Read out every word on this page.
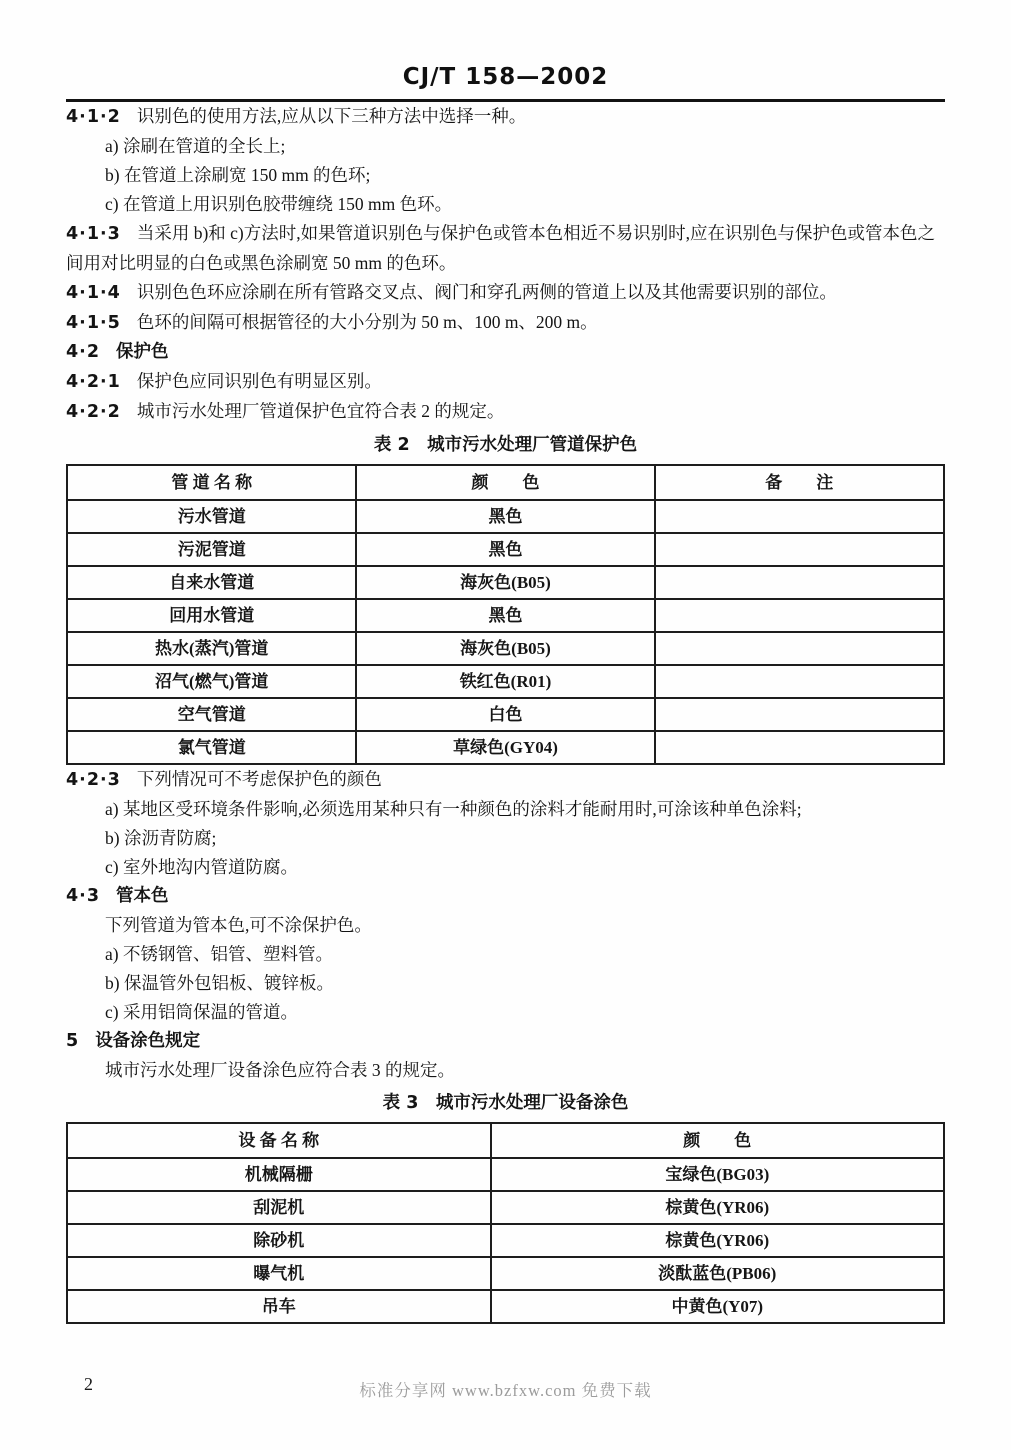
CJ/T 158—2002

4·1·2 识别色的使用方法,应从以下三种方法中选择一种。

a) 涂刷在管道的全长上;

b) 在管道上涂刷宽 150 mm 的色环;

c) 在管道上用识别色胶带缠绕 150 mm 色环。

4·1·3 当采用 b)和 c)方法时,如果管道识别色与保护色或管本色相近不易识别时,应在识别色与保护色或管本色之间用对比明显的白色或黑色涂刷宽 50 mm 的色环。

4·1·4 识别色色环应涂刷在所有管路交叉点、阀门和穿孔两侧的管道上以及其他需要识别的部位。

4·1·5 色环的间隔可根据管径的大小分别为 50 m、100 m、200 m。

4·2 保护色

4·2·1 保护色应同识别色有明显区别。

4·2·2 城市污水处理厂管道保护色宜符合表 2 的规定。

表 2　城市污水处理厂管道保护色
管 道 名 称	颜　　色	备　　注
污水管道	黑色	
污泥管道	黑色	
自来水管道	海灰色(B05)	
回用水管道	黑色	
热水(蒸汽)管道	海灰色(B05)	
沼气(燃气)管道	铁红色(R01)	
空气管道	白色	
氯气管道	草绿色(GY04)	

4·2·3 下列情况可不考虑保护色的颜色

a) 某地区受环境条件影响,必须选用某种只有一种颜色的涂料才能耐用时,可涂该种单色涂料;

b) 涂沥青防腐;

c) 室外地沟内管道防腐。

4·3 管本色

下列管道为管本色,可不涂保护色。

a) 不锈钢管、铝管、塑料管。

b) 保温管外包铝板、镀锌板。

c) 采用铝筒保温的管道。

5 设备涂色规定

城市污水处理厂设备涂色应符合表 3 的规定。

表 3　城市污水处理厂设备涂色
设 备 名 称	颜　　色
机械隔栅	宝绿色(BG03)
刮泥机	棕黄色(YR06)
除砂机	棕黄色(YR06)
曝气机	淡酞蓝色(PB06)
吊车	中黄色(Y07)
2	标准分享网 www.bzfxw.com 免费下载
